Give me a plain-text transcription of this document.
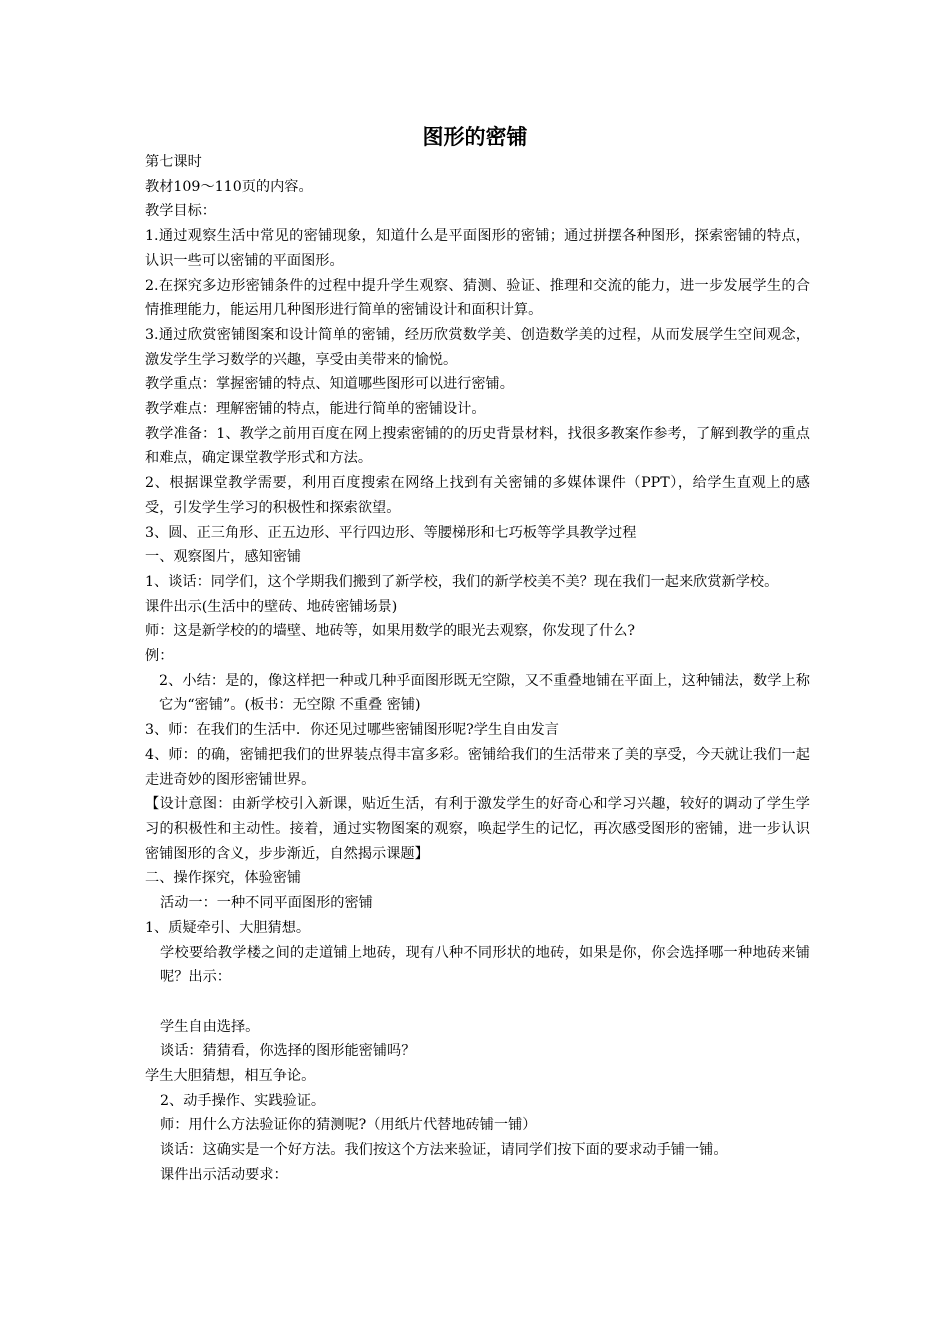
图形的密铺

第七课时

教材109～110页的内容。

教学目标：

1.通过观察生活中常见的密铺现象，知道什么是平面图形的密铺；通过拼摆各种图形，探索密铺的特点，认识一些可以密铺的平面图形。

2.在探究多边形密铺条件的过程中提升学生观察、猜测、验证、推理和交流的能力，进一步发展学生的合情推理能力，能运用几种图形进行简单的密铺设计和面积计算。

3.通过欣赏密铺图案和设计简单的密铺，经历欣赏数学美、创造数学美的过程，从而发展学生空间观念，激发学生学习数学的兴趣，享受由美带来的愉悦。

教学重点：掌握密铺的特点、知道哪些图形可以进行密铺。

教学难点：理解密铺的特点，能进行简单的密铺设计。

教学准备：1、教学之前用百度在网上搜索密铺的的历史背景材料，找很多教案作参考，了解到教学的重点和难点，确定课堂教学形式和方法。

2、根据课堂教学需要，利用百度搜索在网络上找到有关密铺的多媒体课件（PPT），给学生直观上的感受，引发学生学习的积极性和探索欲望。

3、圆、正三角形、正五边形、平行四边形、等腰梯形和七巧板等学具教学过程

一、观察图片，感知密铺

1、谈话：同学们，这个学期我们搬到了新学校，我们的新学校美不美？现在我们一起来欣赏新学校。

课件出示(生活中的壁砖、地砖密铺场景)

师：这是新学校的的墙壁、地砖等，如果用数学的眼光去观察，你发现了什么?

例：

2、小结：是的，像这样把一种或几种乎面图形既无空隙，又不重叠地铺在平面上，这种铺法，数学上称它为“密铺”。(板书：无空隙 不重叠 密铺)

3、师：在我们的生活中．你还见过哪些密铺图形呢?学生自由发言

4、师：的确，密铺把我们的世界装点得丰富多彩。密铺给我们的生活带来了美的享受，今天就让我们一起走进奇妙的图形密铺世界。

【设计意图：由新学校引入新课，贴近生活，有利于激发学生的好奇心和学习兴趣，较好的调动了学生学习的积极性和主动性。接着，通过实物图案的观察，唤起学生的记忆，再次感受图形的密铺，进一步认识密铺图形的含义，步步渐近，自然揭示课题】

二、操作探究，体验密铺

活动一：一种不同平面图形的密铺

1、质疑牵引、大胆猜想。

学校要给教学楼之间的走道铺上地砖，现有八种不同形状的地砖，如果是你，你会选择哪一种地砖来铺呢？出示：

学生自由选择。

谈话：猜猜看，你选择的图形能密铺吗？

学生大胆猜想，相互争论。

2、动手操作、实践验证。

师：用什么方法验证你的猜测呢?（用纸片代替地砖铺一铺）

谈话：这确实是一个好方法。我们按这个方法来验证，请同学们按下面的要求动手铺一铺。

课件出示活动要求：
